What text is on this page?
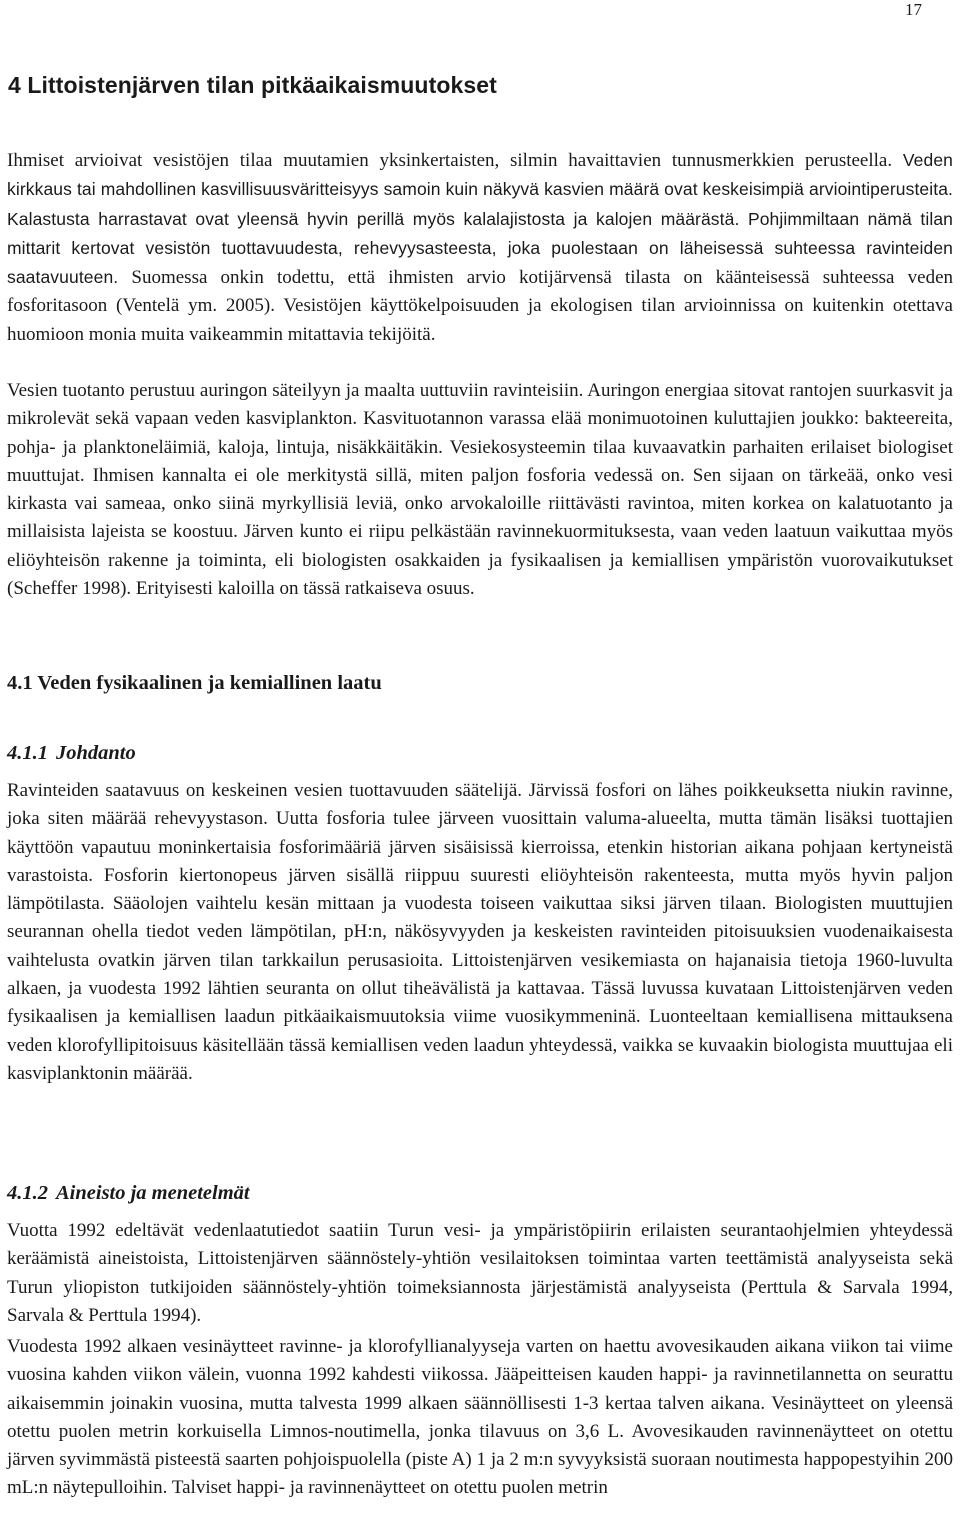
17
4 Littoistenjärven tilan pitkäaikaismuutokset

Ihmiset arvioivat vesistöjen tilaa muutamien yksinkertaisten, silmin havaittavien tunnusmerkkien perusteella. Veden kirkkaus tai mahdollinen kasvillisuusväritteisyys samoin kuin näkyvä kasvien määrä ovat keskeisimpiä arviointiperusteita. Kalastusta harrastavat ovat yleensä hyvin perillä myös kalalajistosta ja kalojen määrästä. Pohjimmiltaan nämä tilan mittarit kertovat vesistön tuottavuudesta, rehevyysasteesta, joka puolestaan on läheisessä suhteessa ravinteiden saatavuuteen. Suomessa onkin todettu, että ihmisten arvio kotijärvensä tilasta on käänteisessä suhteessa veden fosforitasoon (Ventelä ym. 2005). Vesistöjen käyttökelpoisuuden ja ekologisen tilan arvioinnissa on kuitenkin otettava huomioon monia muita vaikeammin mitattavia tekijöitä.

Vesien tuotanto perustuu auringon säteilyyn ja maalta uuttuviin ravinteisiin. Auringon energiaa sitovat rantojen suurkasvit ja mikrolevät sekä vapaan veden kasviplankton. Kasvituotannon varassa elää monimuotoinen kuluttajien joukko: bakteereita, pohja- ja planktoneläimiä, kaloja, lintuja, nisäkkäitäkin. Vesiekosysteemin tilaa kuvaavatkin parhaiten erilaiset biologiset muuttujat. Ihmisen kannalta ei ole merkitystä sillä, miten paljon fosforia vedessä on. Sen sijaan on tärkeää, onko vesi kirkasta vai sameaa, onko siinä myrkyllisiä leviä, onko arvokaloille riittävästi ravintoa, miten korkea on kalatuotanto ja millaisista lajeista se koostuu. Järven kunto ei riipu pelkästään ravinnekuormituksesta, vaan veden laatuun vaikuttaa myös eliöyhteisön rakenne ja toiminta, eli biologisten osakkaiden ja fysikaalisen ja kemiallisen ympäristön vuorovaikutukset (Scheffer 1998). Erityisesti kaloilla on tässä ratkaiseva osuus.

4.1 Veden fysikaalinen ja kemiallinen laatu
4.1.1 Johdanto

Ravinteiden saatavuus on keskeinen vesien tuottavuuden säätelijä. Järvissä fosfori on lähes poikkeuksetta niukin ravinne, joka siten määrää rehevyystason. Uutta fosforia tulee järveen vuosittain valuma-alueelta, mutta tämän lisäksi tuottajien käyttöön vapautuu moninkertaisia fosforimääriä järven sisäisissä kierroissa, etenkin historian aikana pohjaan kertyneistä varastoista. Fosforin kiertonopeus järven sisällä riippuu suuresti eliöyhteisön rakenteesta, mutta myös hyvin paljon lämpötilasta. Sääolojen vaihtelu kesän mittaan ja vuodesta toiseen vaikuttaa siksi järven tilaan. Biologisten muuttujien seurannan ohella tiedot veden lämpötilan, pH:n, näkösyvyyden ja keskeisten ravinteiden pitoisuuksien vuodenaikaisesta vaihtelusta ovatkin järven tilan tarkkailun perusasioita. Littoistenjärven vesikemiasta on hajanaisia tietoja 1960-luvulta alkaen, ja vuodesta 1992 lähtien seuranta on ollut tiheävälistä ja kattavaa. Tässä luvussa kuvataan Littoistenjärven veden fysikaalisen ja kemiallisen laadun pitkäaikaismuutoksia viime vuosikymmeninä. Luonteeltaan kemiallisena mittauksena veden klorofyllipitoisuus käsitellään tässä kemiallisen veden laadun yhteydessä, vaikka se kuvaakin biologista muuttujaa eli kasviplanktonin määrää.

4.1.2 Aineisto ja menetelmät

Vuotta 1992 edeltävät vedenlaatutiedot saatiin Turun vesi- ja ympäristöpiirin erilaisten seurantaohjelmien yhteydessä keräämistä aineistoista, Littoistenjärven säännöstely-yhtiön vesilaitoksen toimintaa varten teettämistä analyyseista sekä Turun yliopiston tutkijoiden säännöstely-yhtiön toimeksiannosta järjestämistä analyyseista (Perttula & Sarvala 1994, Sarvala & Perttula 1994).

Vuodesta 1992 alkaen vesinäytteet ravinne- ja klorofyllianalyyseja varten on haettu avovesikauden aikana viikon tai viime vuosina kahden viikon välein, vuonna 1992 kahdesti viikossa. Jääpeitteisen kauden happi- ja ravinnetilannetta on seurattu aikaisemmin joinakin vuosina, mutta talvesta 1999 alkaen säännöllisesti 1-3 kertaa talven aikana. Vesinäytteet on yleensä otettu puolen metrin korkuisella Limnos-noutimella, jonka tilavuus on 3,6 L. Avovesikauden ravinnenäytteet on otettu järven syvimmästä pisteestä saarten pohjoispuolella (piste A) 1 ja 2 m:n syvyyksistä suoraan noutimesta happopestyihin 200 mL:n näytepulloihin. Talviset happi- ja ravinnenäytteet on otettu puolen metrin
